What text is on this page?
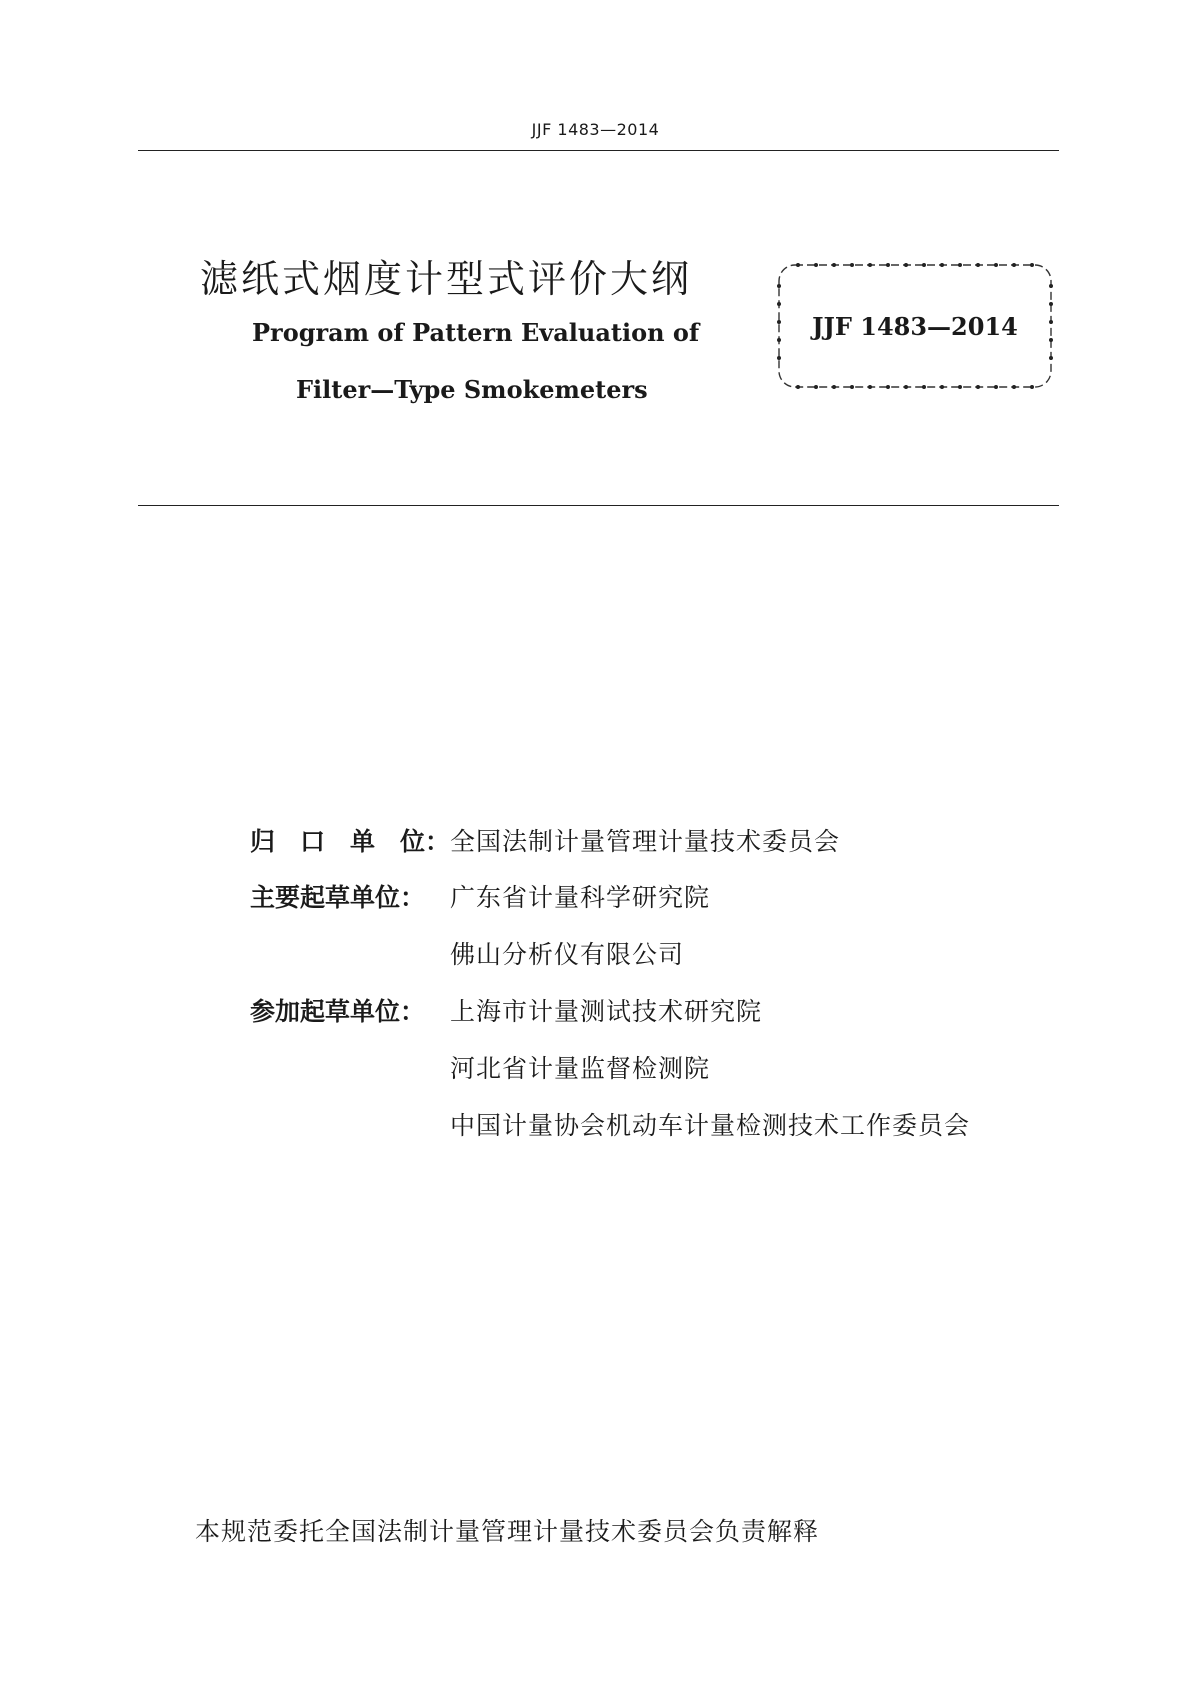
JJF 1483—2014
滤纸式烟度计型式评价大纲
Program of Pattern Evaluation of
Filter—Type Smokemeters
JJF 1483—2014
归 口 单 位 ： 全国法制计量管理计量技术委员会
主要起草单位： 广东省计量科学研究院
佛山分析仪有限公司
参加起草单位： 上海市计量测试技术研究院
河北省计量监督检测院
中国计量协会机动车计量检测技术工作委员会
本规范委托全国法制计量管理计量技术委员会负责解释
